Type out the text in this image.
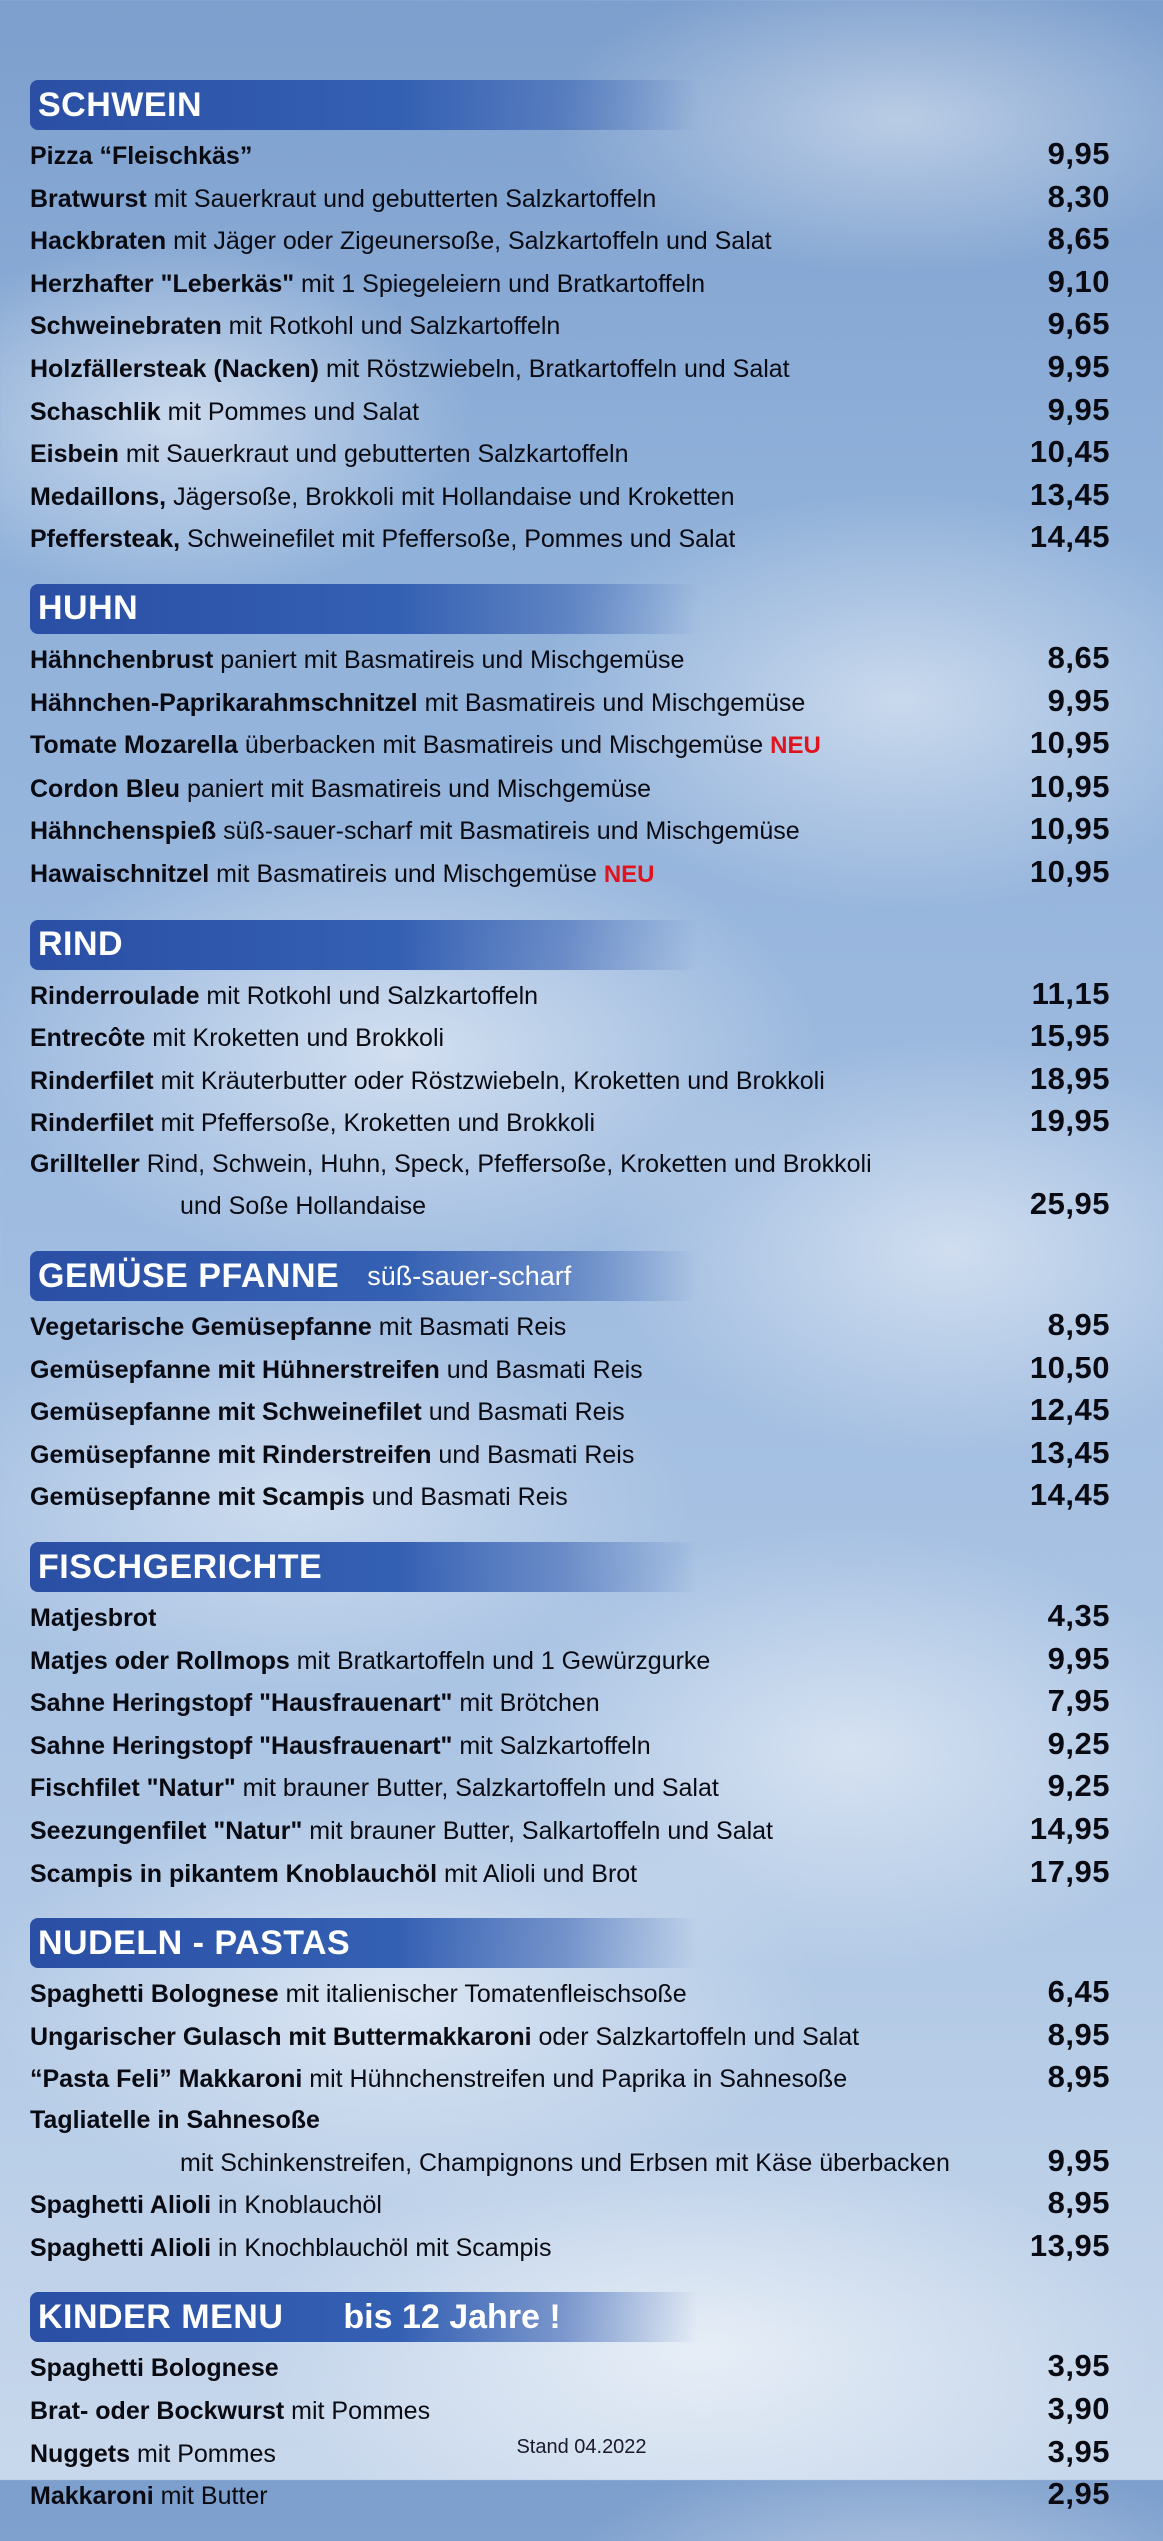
SCHWEIN
Pizza “Fleischkäs”	9,95
Bratwurst mit Sauerkraut und gebutterten Salzkartoffeln	8,30
Hackbraten mit Jäger oder Zigeunersoße, Salzkartoffeln und Salat	8,65
Herzhafter "Leberkäs" mit 1 Spiegeleiern und Bratkartoffeln	9,10
Schweinebraten mit Rotkohl und Salzkartoffeln	9,65
Holzfällersteak (Nacken) mit Röstzwiebeln, Bratkartoffeln und Salat	9,95
Schaschlik mit Pommes und Salat	9,95
Eisbein mit Sauerkraut und gebutterten Salzkartoffeln	10,45
Medaillons, Jägersoße, Brokkoli mit Hollandaise und Kroketten	13,45
Pfeffersteak, Schweinefilet mit Pfeffersoße, Pommes und Salat	14,45
HUHN
Hähnchenbrust paniert mit Basmatireis und Mischgemüse	8,65
Hähnchen-Paprikarahmschnitzel mit Basmatireis und Mischgemüse	9,95
Tomate Mozarella überbacken mit Basmatireis und Mischgemüse NEU	10,95
Cordon Bleu paniert mit Basmatireis und Mischgemüse	10,95
Hähnchenspieß süß-sauer-scharf mit Basmatireis und Mischgemüse	10,95
Hawaischnitzel mit Basmatireis und Mischgemüse NEU	10,95
RIND
Rinderroulade mit Rotkohl und Salzkartoffeln	11,15
Entrecôte mit Kroketten und Brokkoli	15,95
Rinderfilet mit Kräuterbutter oder Röstzwiebeln, Kroketten und Brokkoli	18,95
Rinderfilet mit Pfeffersoße, Kroketten und Brokkoli	19,95
Grillteller Rind, Schwein, Huhn, Speck, Pfeffersoße, Kroketten und Brokkoli
und Soße Hollandaise	25,95
GEMÜSE PFANNE süß-sauer-scharf
Vegetarische Gemüsepfanne mit Basmati Reis	8,95
Gemüsepfanne mit Hühnerstreifen und Basmati Reis	10,50
Gemüsepfanne mit Schweinefilet und Basmati Reis	12,45
Gemüsepfanne mit Rinderstreifen und Basmati Reis	13,45
Gemüsepfanne mit Scampis und Basmati Reis	14,45
FISCHGERICHTE
Matjesbrot	4,35
Matjes oder Rollmops mit Bratkartoffeln und 1 Gewürzgurke	9,95
Sahne Heringstopf "Hausfrauenart" mit Brötchen	7,95
Sahne Heringstopf "Hausfrauenart" mit Salzkartoffeln	9,25
Fischfilet "Natur" mit brauner Butter, Salzkartoffeln und Salat	9,25
Seezungenfilet "Natur" mit brauner Butter, Salkartoffeln und Salat	14,95
Scampis in pikantem Knoblauchöl mit Alioli und Brot	17,95
NUDELN - PASTAS
Spaghetti Bolognese mit italienischer Tomatenfleischsoße	6,45
Ungarischer Gulasch mit Buttermakkaroni oder Salzkartoffeln und Salat	8,95
“Pasta Feli” Makkaroni mit Hühnchenstreifen und Paprika in Sahnesoße	8,95
Tagliatelle in Sahnesoße
mit Schinkenstreifen, Champignons und Erbsen mit Käse überbacken	9,95
Spaghetti Alioli in Knoblauchöl	8,95
Spaghetti Alioli in Knochblauchöl mit Scampis	13,95
KINDER MENU bis 12 Jahre !
Spaghetti Bolognese	3,95
Brat- oder Bockwurst mit Pommes	3,90
Nuggets mit Pommes	3,95
Makkaroni mit Butter	2,95
Stand 04.2022
